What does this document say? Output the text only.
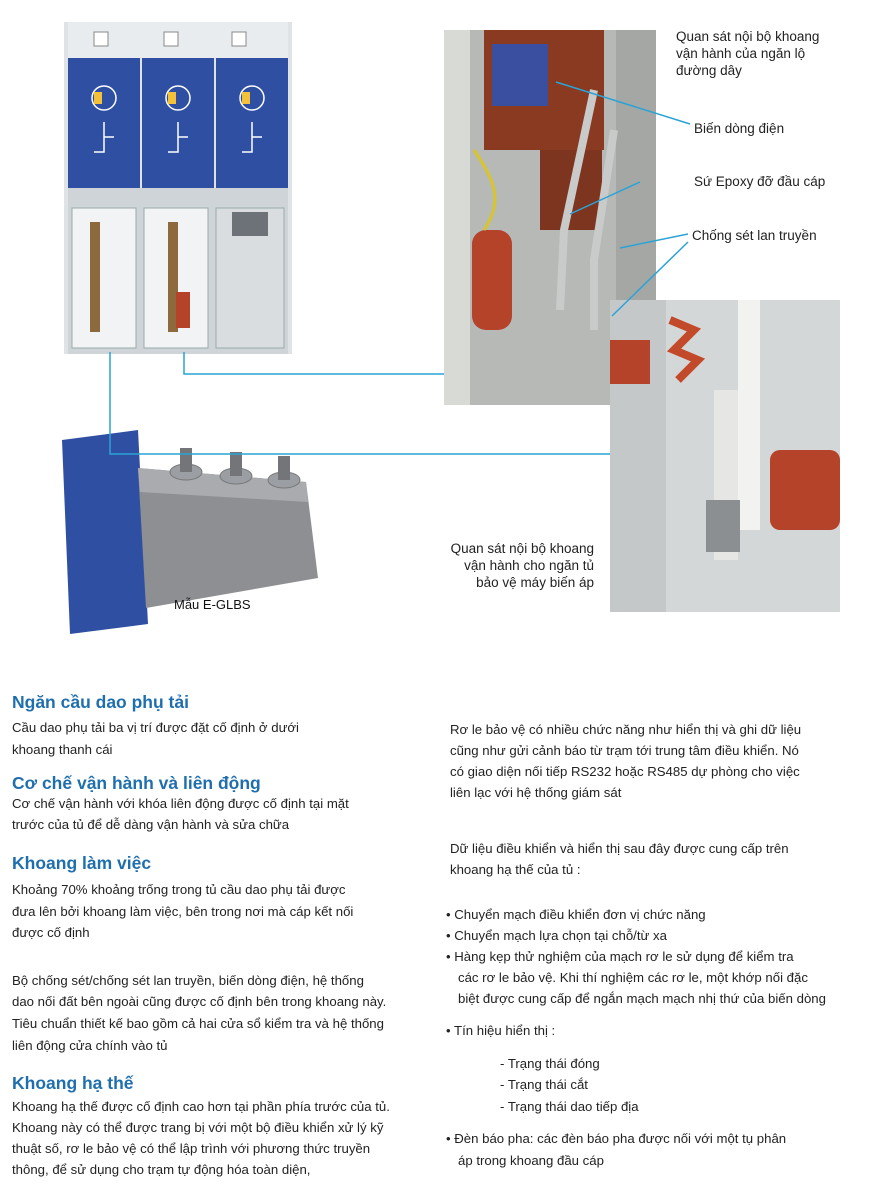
Mẫu E-GLBS
Quan sát nội bộ khoang vận hành của ngăn lộ đường dây
Biến dòng điện
Sứ Epoxy đỡ đầu cáp
Chống sét lan truyền
Quan sát nội bộ khoang vận hành cho ngăn tủ bảo vệ máy biến áp
Ngăn cầu dao phụ tải

Cầu dao phụ tải ba vị trí được đặt cố định ở dưới

khoang thanh cái

Cơ chế vận hành và liên động

Cơ chế vận hành với khóa liên động được cố định tại mặt

trước của tủ để dễ dàng vận hành và sửa chữa

Khoang làm việc

Khoảng 70% khoảng trống trong tủ cầu dao phụ tải được

đưa lên bởi khoang làm việc, bên trong nơi mà cáp kết nối

được cố định

Bộ chống sét/chống sét lan truyền, biến dòng điện, hệ thống

dao nối đất bên ngoài cũng được cố định bên trong khoang này.

Tiêu chuẩn thiết kế bao gồm cả hai cửa sổ kiểm tra và hệ thống

liên động cửa chính vào tủ

Khoang hạ thế

Khoang hạ thế được cố định cao hơn tại phần phía trước của tủ.

Khoang này có thể được trang bị với một bộ điều khiển xử lý kỹ

thuật số, rơ le bảo vệ có thể lập trình với phương thức truyền

thông, để sử dụng cho trạm tự động hóa toàn diện,

Rơ le bảo vệ có nhiều chức năng như hiển thị và ghi dữ liệu

cũng như gửi cảnh báo từ trạm tới trung tâm điều khiển. Nó

có giao diện nối tiếp RS232 hoặc RS485 dự phòng cho việc

liên lạc với hệ thống giám sát

Dữ liệu điều khiển và hiển thị sau đây được cung cấp trên

khoang hạ thế của tủ :

• Chuyển mạch điều khiển đơn vị chức năng

• Chuyển mạch lựa chọn tại chỗ/từ xa

• Hàng kẹp thử nghiệm của mạch rơ le sử dụng để kiểm tra

các rơ le bảo vệ. Khi thí nghiệm các rơ le, một khớp nối đặc

biệt được cung cấp để ngắn mạch mạch nhị thứ của biến dòng

• Tín hiệu hiển thị :

- Trạng thái đóng

- Trạng thái cắt

- Trạng thái dao tiếp địa

• Đèn báo pha: các đèn báo pha được nối với một tụ phân

áp trong khoang đầu cáp
